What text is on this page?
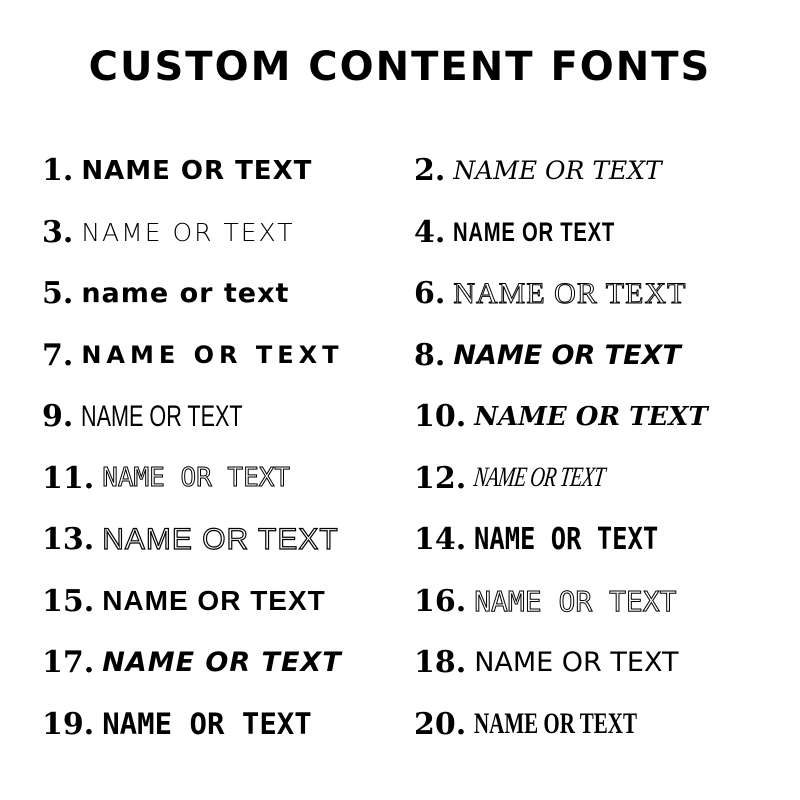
CUSTOM CONTENT FONTS
1. NAME OR TEXT	2. NAME OR TEXT
3. NAME OR TEXT	4. NAME OR TEXT
5. name or text	6. NAME OR TEXT
7. NAME OR TEXT 8. NAME OR TEXT
9. NAME OR TEXT	10. NAME OR TEXT
11. NAME OR TEXT	12. NAME OR TEXT
13. NAME OR TEXT	14. NAME OR TEXT
15. NAME OR TEXT	16. NAME OR TEXT
17. NAME OR TEXT 18. NAME OR TEXT
19. NAME OR TEXT	20. NAME OR TEXT
